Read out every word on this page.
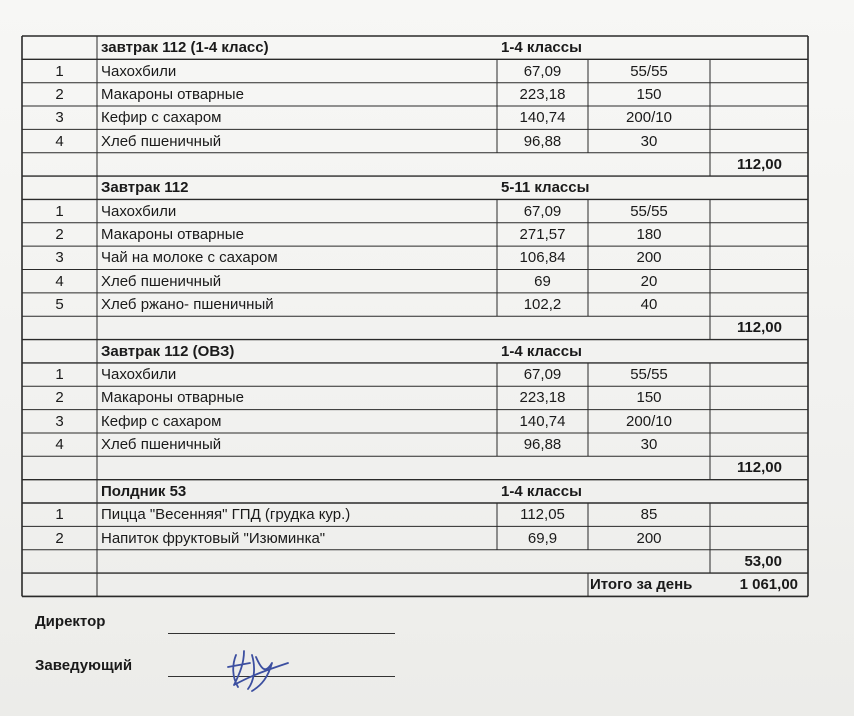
завтрак 112 (1-4 класс)	1-4 классы
1	Чахохбили	67,09	55/55
2	Макароны отварные	223,18	150
3	Кефир с сахаром	140,74	200/10
4	Хлеб пшеничный	96,88	30
112,00
Завтрак 112	5-11 классы
1	Чахохбили	67,09	55/55
2	Макароны отварные	271,57	180
3	Чай на молоке с сахаром	106,84	200
4	Хлеб пшеничный	69	20
5	Хлеб ржано- пшеничный	102,2	40
112,00
Завтрак 112 (ОВЗ)	1-4 классы
1	Чахохбили	67,09	55/55
2	Макароны отварные	223,18	150
3	Кефир с сахаром	140,74	200/10
4	Хлеб пшеничный	96,88	30
112,00
Полдник 53	1-4 классы
1	Пицца "Весенняя" ГПД (грудка кур.)	112,05	85
2	Напиток фруктовый "Изюминка"	69,9	200
53,00
Итого за день	1 061,00
Директор
Заведующий
